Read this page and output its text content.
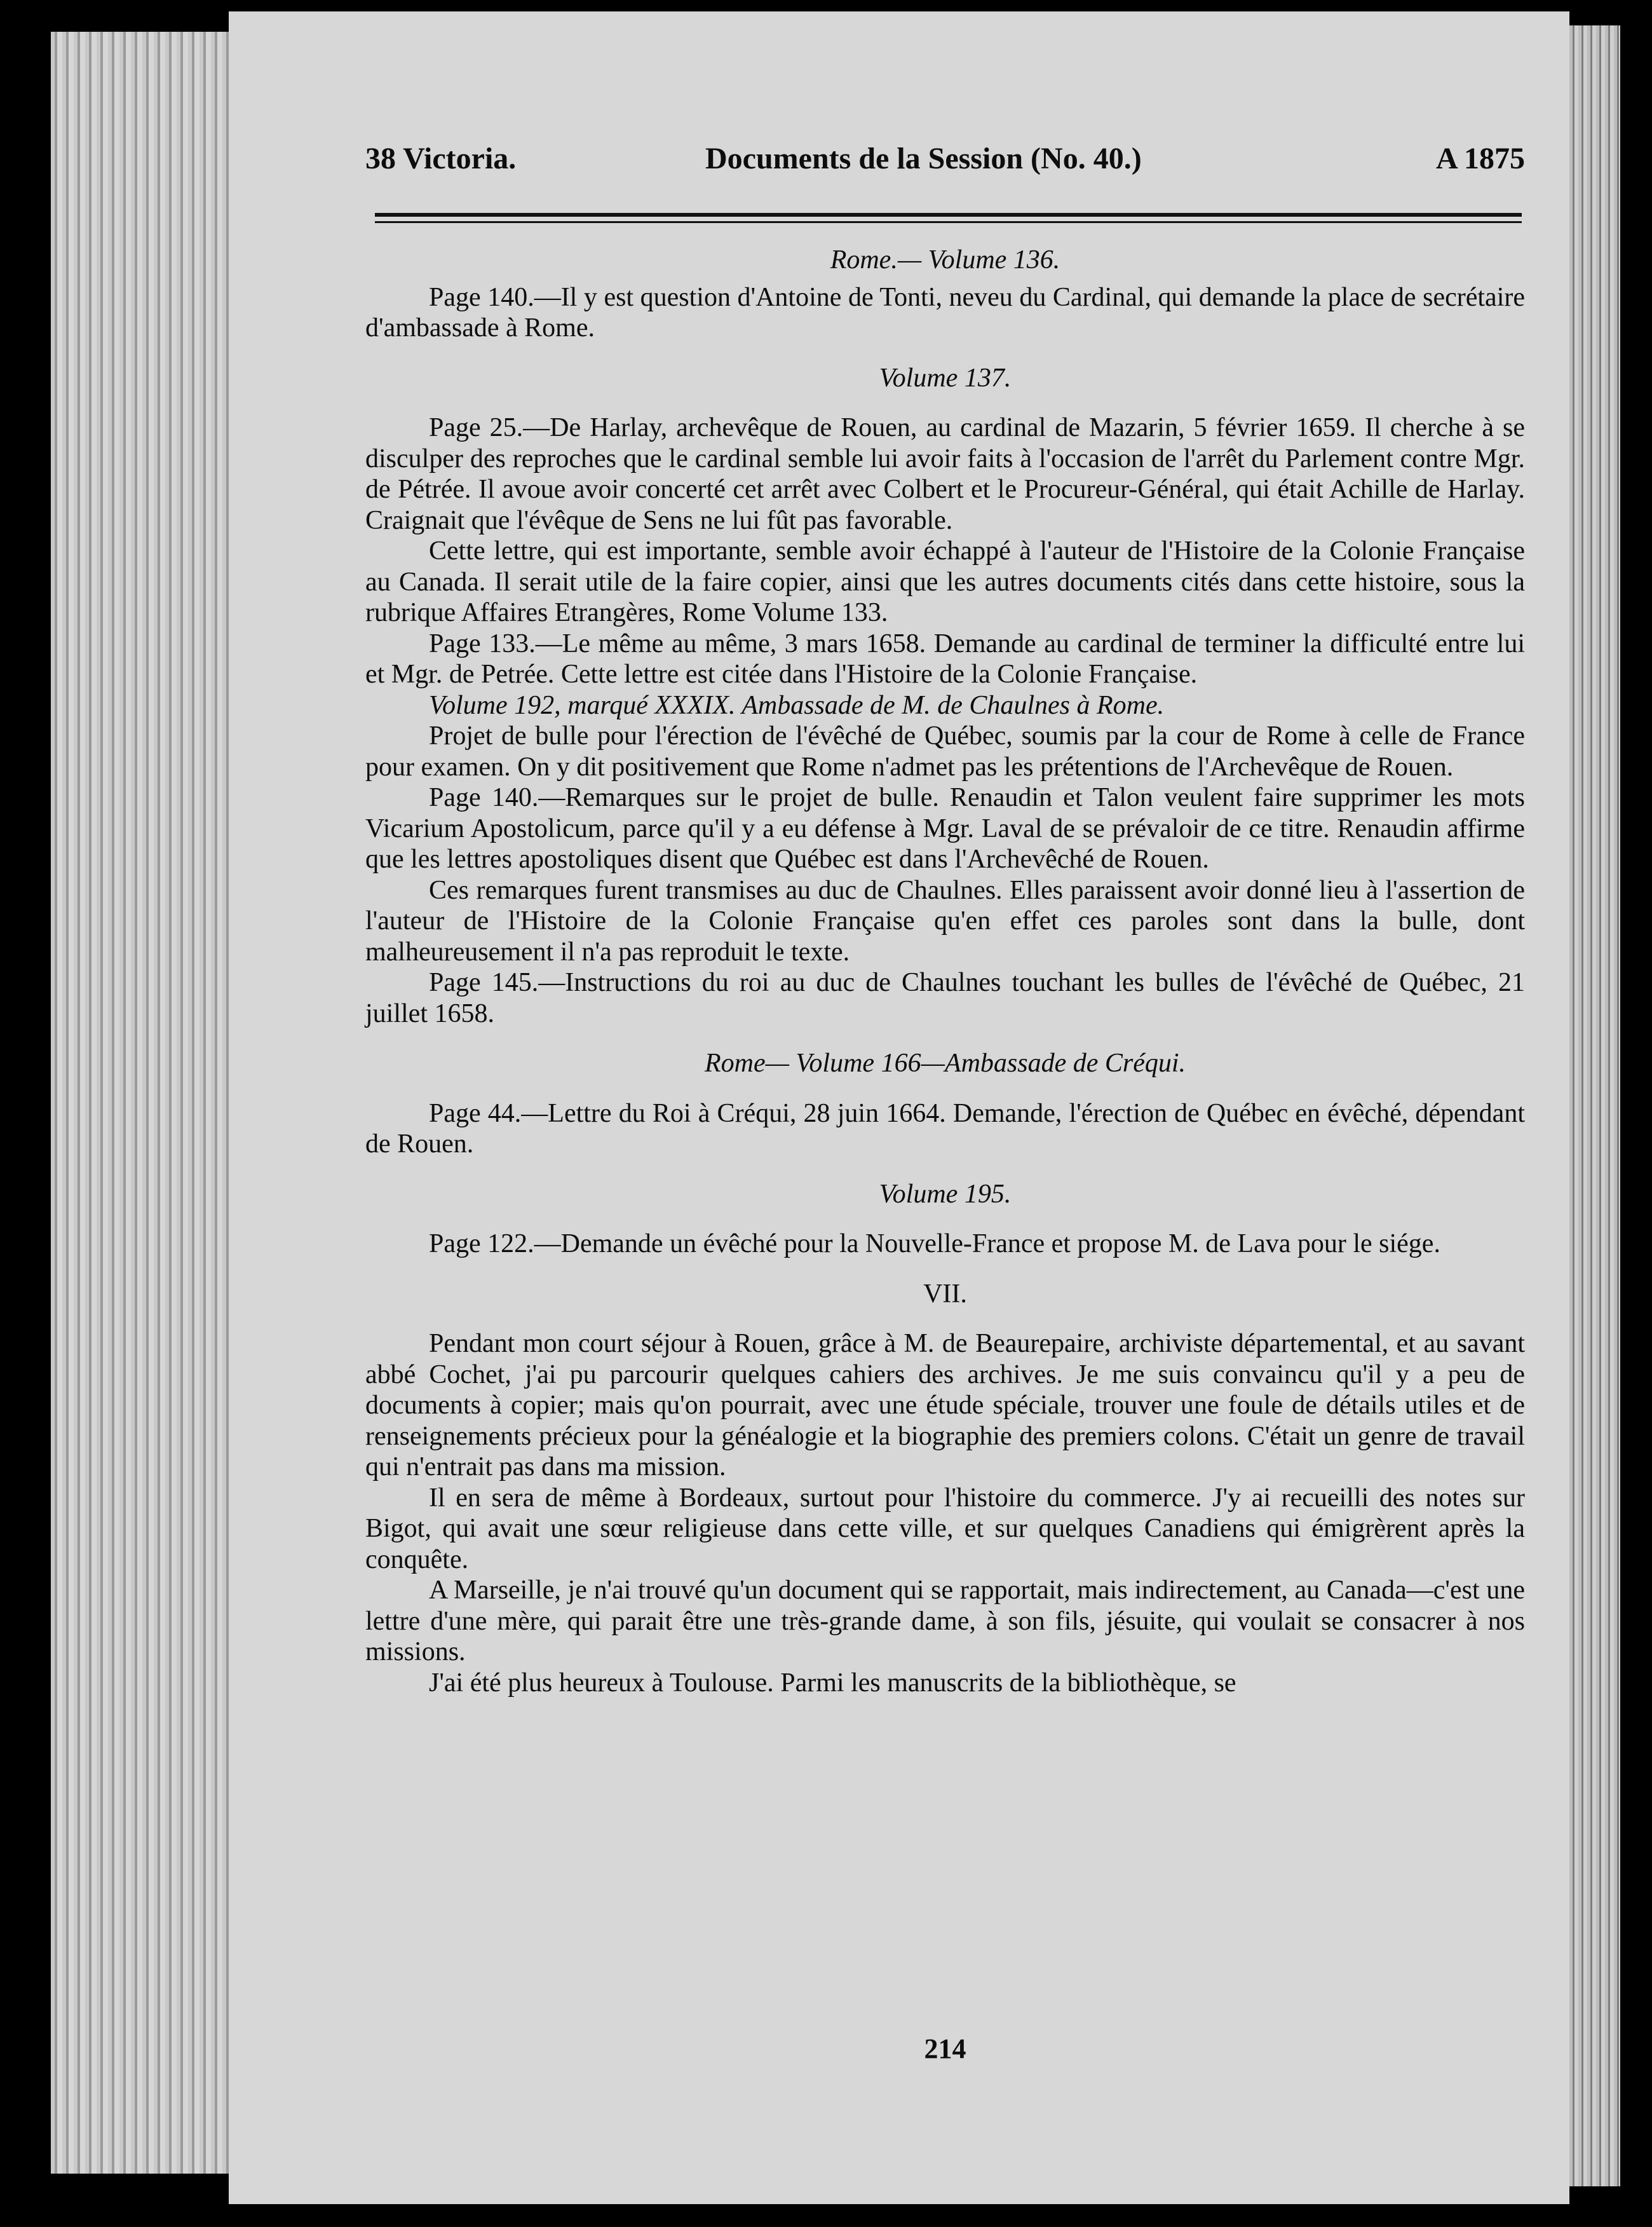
38 Victoria.	Documents de la Session (No. 40.)	A 1875

Rome.— Volume 136.

Page 140.—Il y est question d'Antoine de Tonti, neveu du Cardinal, qui demande la place de secrétaire d'ambassade à Rome.

Volume 137.

Page 25.—De Harlay, archevêque de Rouen, au cardinal de Mazarin, 5 février 1659. Il cherche à se disculper des reproches que le cardinal semble lui avoir faits à l'occasion de l'arrêt du Parlement contre Mgr. de Pétrée. Il avoue avoir concerté cet arrêt avec Colbert et le Procureur-Général, qui était Achille de Harlay. Craignait que l'évêque de Sens ne lui fût pas favorable.

Cette lettre, qui est importante, semble avoir échappé à l'auteur de l'Histoire de la Colonie Française au Canada. Il serait utile de la faire copier, ainsi que les autres documents cités dans cette histoire, sous la rubrique Affaires Etrangères, Rome Volume 133.

Page 133.—Le même au même, 3 mars 1658. Demande au cardinal de terminer la difficulté entre lui et Mgr. de Petrée. Cette lettre est citée dans l'Histoire de la Colonie Française.

Volume 192, marqué XXXIX. Ambassade de M. de Chaulnes à Rome.

Projet de bulle pour l'érection de l'évêché de Québec, soumis par la cour de Rome à celle de France pour examen. On y dit positivement que Rome n'admet pas les prétentions de l'Archevêque de Rouen.

Page 140.—Remarques sur le projet de bulle. Renaudin et Talon veulent faire supprimer les mots Vicarium Apostolicum, parce qu'il y a eu défense à Mgr. Laval de se prévaloir de ce titre. Renaudin affirme que les lettres apostoliques disent que Québec est dans l'Archevêché de Rouen.

Ces remarques furent transmises au duc de Chaulnes. Elles paraissent avoir donné lieu à l'assertion de l'auteur de l'Histoire de la Colonie Française qu'en effet ces paroles sont dans la bulle, dont malheureusement il n'a pas reproduit le texte.

Page 145.—Instructions du roi au duc de Chaulnes touchant les bulles de l'évêché de Québec, 21 juillet 1658.

Rome— Volume 166—Ambassade de Créqui.

Page 44.—Lettre du Roi à Créqui, 28 juin 1664. Demande, l'érection de Québec en évêché, dépendant de Rouen.

Volume 195.

Page 122.—Demande un évêché pour la Nouvelle-France et propose M. de Lava pour le siége.

VII.

Pendant mon court séjour à Rouen, grâce à M. de Beaurepaire, archiviste départemental, et au savant abbé Cochet, j'ai pu parcourir quelques cahiers des archives. Je me suis convaincu qu'il y a peu de documents à copier; mais qu'on pourrait, avec une étude spéciale, trouver une foule de détails utiles et de renseignements précieux pour la généalogie et la biographie des premiers colons. C'était un genre de travail qui n'entrait pas dans ma mission.

Il en sera de même à Bordeaux, surtout pour l'histoire du commerce. J'y ai recueilli des notes sur Bigot, qui avait une sœur religieuse dans cette ville, et sur quelques Canadiens qui émigrèrent après la conquête.

A Marseille, je n'ai trouvé qu'un document qui se rapportait, mais indirectement, au Canada—c'est une lettre d'une mère, qui parait être une très-grande dame, à son fils, jésuite, qui voulait se consacrer à nos missions.

J'ai été plus heureux à Toulouse. Parmi les manuscrits de la bibliothèque, se

214
